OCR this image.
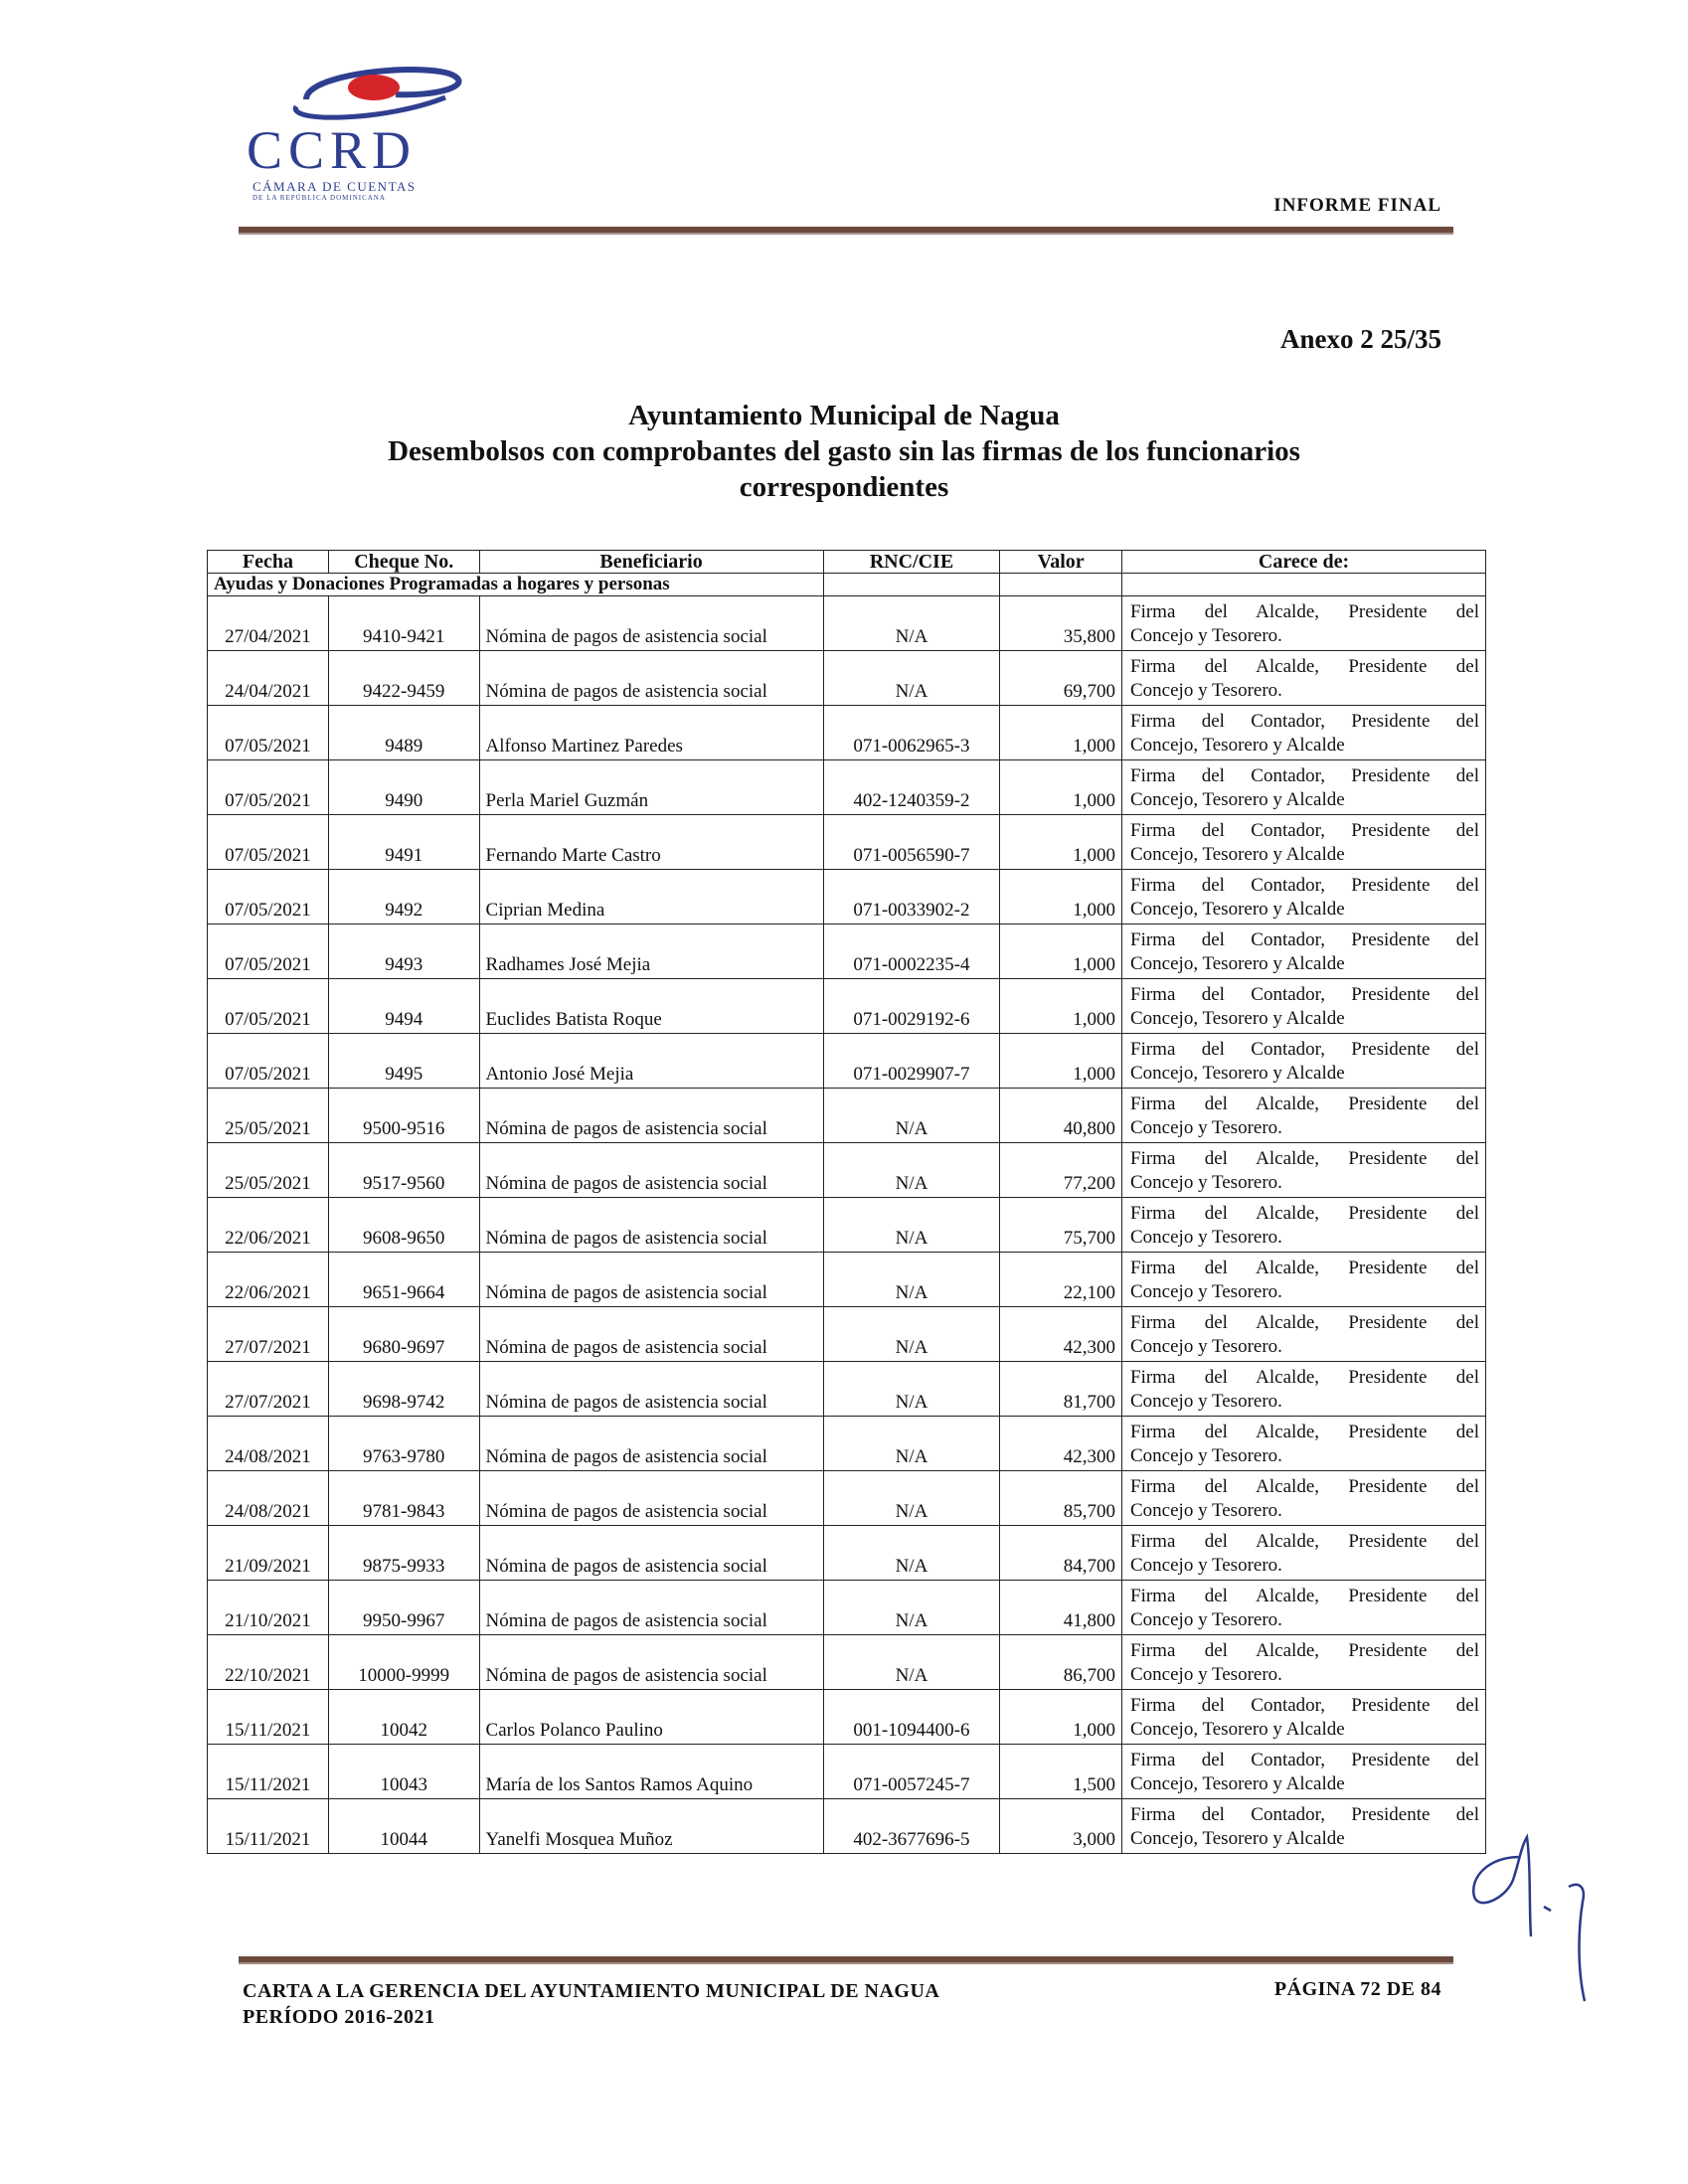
CCRD
CÁMARA DE CUENTAS
DE LA REPÚBLICA DOMINICANA	INFORME FINAL
Anexo 2 25/35
Ayuntamiento Municipal de Nagua
Desembolsos con comprobantes del gasto sin las firmas de los funcionarios
correspondientes
Fecha	Cheque No.	Beneficiario	RNC/CIE	Valor	Carece de:
Ayudas y Donaciones Programadas a hogares y personas					
27/04/2021	9410-9421	Nómina de pagos de asistencia social	N/A	35,800	Firma del Alcalde, Presidente del
Concejo y Tesorero.

24/04/2021	9422-9459	Nómina de pagos de asistencia social	N/A	69,700	Firma del Alcalde, Presidente del
Concejo y Tesorero.

07/05/2021	9489	Alfonso Martinez Paredes	071-0062965-3	1,000	Firma del Contador, Presidente del
Concejo, Tesorero y Alcalde

07/05/2021	9490	Perla Mariel Guzmán	402-1240359-2	1,000	Firma del Contador, Presidente del
Concejo, Tesorero y Alcalde

07/05/2021	9491	Fernando Marte Castro	071-0056590-7	1,000	Firma del Contador, Presidente del
Concejo, Tesorero y Alcalde

07/05/2021	9492	Ciprian Medina	071-0033902-2	1,000	Firma del Contador, Presidente del
Concejo, Tesorero y Alcalde

07/05/2021	9493	Radhames José Mejia	071-0002235-4	1,000	Firma del Contador, Presidente del
Concejo, Tesorero y Alcalde

07/05/2021	9494	Euclides Batista Roque	071-0029192-6	1,000	Firma del Contador, Presidente del
Concejo, Tesorero y Alcalde

07/05/2021	9495	Antonio José Mejia	071-0029907-7	1,000	Firma del Contador, Presidente del
Concejo, Tesorero y Alcalde

25/05/2021	9500-9516	Nómina de pagos de asistencia social	N/A	40,800	Firma del Alcalde, Presidente del
Concejo y Tesorero.

25/05/2021	9517-9560	Nómina de pagos de asistencia social	N/A	77,200	Firma del Alcalde, Presidente del
Concejo y Tesorero.

22/06/2021	9608-9650	Nómina de pagos de asistencia social	N/A	75,700	Firma del Alcalde, Presidente del
Concejo y Tesorero.

22/06/2021	9651-9664	Nómina de pagos de asistencia social	N/A	22,100	Firma del Alcalde, Presidente del
Concejo y Tesorero.

27/07/2021	9680-9697	Nómina de pagos de asistencia social	N/A	42,300	Firma del Alcalde, Presidente del
Concejo y Tesorero.

27/07/2021	9698-9742	Nómina de pagos de asistencia social	N/A	81,700	Firma del Alcalde, Presidente del
Concejo y Tesorero.

24/08/2021	9763-9780	Nómina de pagos de asistencia social	N/A	42,300	Firma del Alcalde, Presidente del
Concejo y Tesorero.

24/08/2021	9781-9843	Nómina de pagos de asistencia social	N/A	85,700	Firma del Alcalde, Presidente del
Concejo y Tesorero.

21/09/2021	9875-9933	Nómina de pagos de asistencia social	N/A	84,700	Firma del Alcalde, Presidente del
Concejo y Tesorero.

21/10/2021	9950-9967	Nómina de pagos de asistencia social	N/A	41,800	Firma del Alcalde, Presidente del
Concejo y Tesorero.

22/10/2021	10000-9999	Nómina de pagos de asistencia social	N/A	86,700	Firma del Alcalde, Presidente del
Concejo y Tesorero.

15/11/2021	10042	Carlos Polanco Paulino	001-1094400-6	1,000	Firma del Contador, Presidente del
Concejo, Tesorero y Alcalde

15/11/2021	10043	María de los Santos Ramos Aquino	071-0057245-7	1,500	Firma del Contador, Presidente del
Concejo, Tesorero y Alcalde

15/11/2021	10044	Yanelfi Mosquea Muñoz	402-3677696-5	3,000	Firma del Contador, Presidente del
Concejo, Tesorero y Alcalde
CARTA A LA GERENCIA DEL AYUNTAMIENTO MUNICIPAL DE NAGUA
PERÍODO 2016-2021
PÁGINA 72 DE 84
